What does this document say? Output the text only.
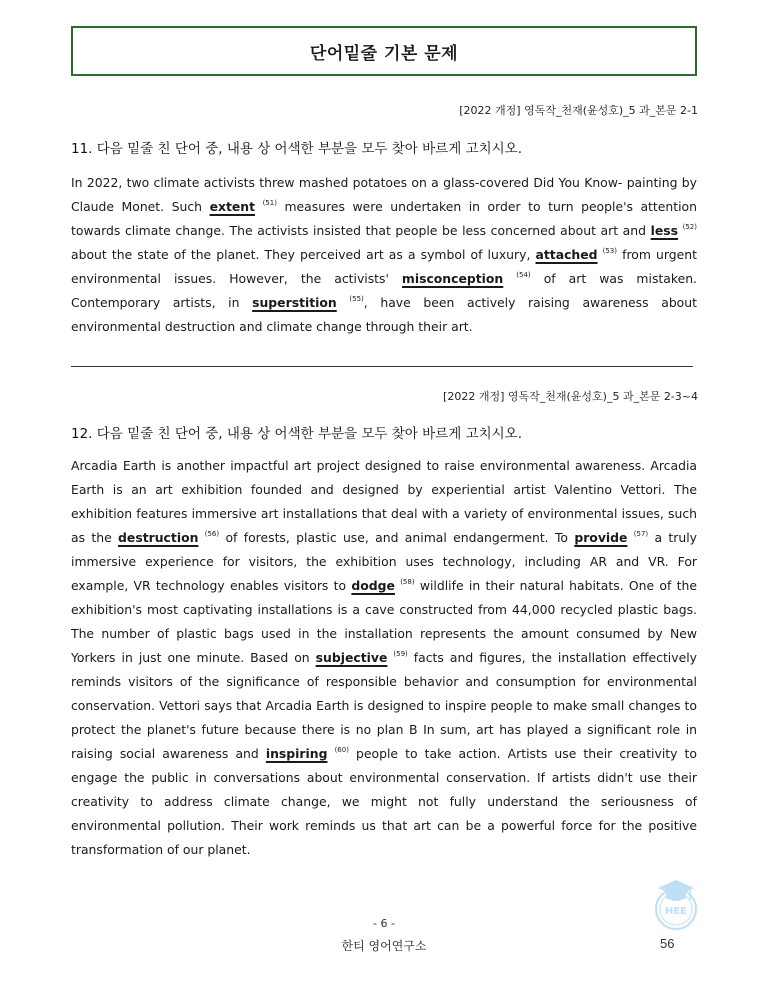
단어밑줄 기본 문제
[2022 개정] 영독작_천재(윤성호)_5 과_본문 2-1
11. 다음 밑줄 친 단어 중, 내용 상 어색한 부분을 모두 찾아 바르게 고치시오.
In 2022, two climate activists threw mashed potatoes on a glass-covered Did You Know- painting by Claude Monet. Such extent $^{(51)}$ measures were undertaken in order to turn people's attention towards climate change. The activists insisted that people be less concerned about art and less $^{(52)}$ about the state of the planet. They perceived art as a symbol of luxury, attached $^{(53)}$ from urgent environmental issues. However, the activists' misconception $^{(54)}$ of art was mistaken. Contemporary artists, in superstition $^{(55)}$, have been actively raising awareness about environmental destruction and climate change through their art.
[2022 개정] 영독작_천재(윤성호)_5 과_본문 2-3~4
12. 다음 밑줄 친 단어 중, 내용 상 어색한 부분을 모두 찾아 바르게 고치시오.
Arcadia Earth is another impactful art project designed to raise environmental awareness. Arcadia Earth is an art exhibition founded and designed by experiential artist Valentino Vettori. The exhibition features immersive art installations that deal with a variety of environmental issues, such as the destruction $^{(56)}$ of forests, plastic use, and animal endangerment. To provide $^{(57)}$ a truly immersive experience for visitors, the exhibition uses technology, including AR and VR. For example, VR technology enables visitors to dodge $^{(58)}$ wildlife in their natural habitats. One of the exhibition's most captivating installations is a cave constructed from 44,000 recycled plastic bags. The number of plastic bags used in the installation represents the amount consumed by New Yorkers in just one minute. Based on subjective $^{(59)}$ facts and figures, the installation effectively reminds visitors of the significance of responsible behavior and consumption for environmental conservation. Vettori says that Arcadia Earth is designed to inspire people to make small changes to protect the planet's future because there is no plan B In sum, art has played a significant role in raising social awareness and inspiring $^{(60)}$ people to take action. Artists use their creativity to engage the public in conversations about environmental conservation. If artists didn't use their creativity to address climate change, we might not fully understand the seriousness of environmental pollution. Their work reminds us that art can be a powerful force for the positive transformation of our planet.
- 6 -
한티 영어연구소	56
HEE
